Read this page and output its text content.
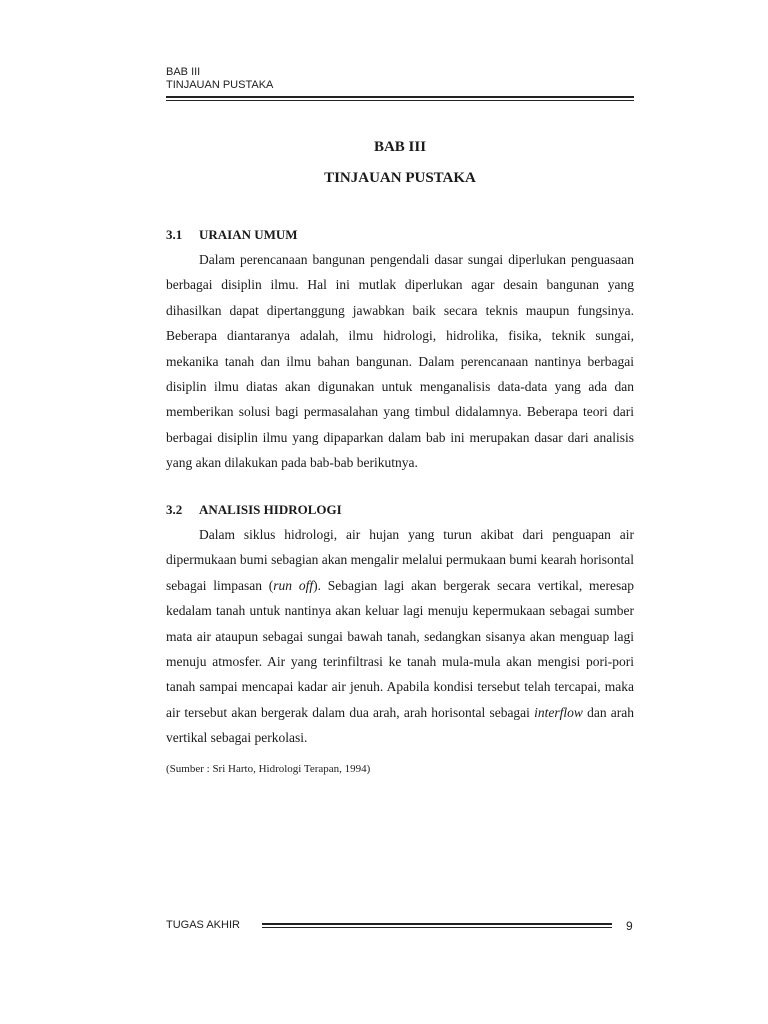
BAB III
TINJAUAN PUSTAKA
BAB III
TINJAUAN PUSTAKA
3.1 URAIAN UMUM

Dalam perencanaan bangunan pengendali dasar sungai diperlukan penguasaan berbagai disiplin ilmu. Hal ini mutlak diperlukan agar desain bangunan yang dihasilkan dapat dipertanggung jawabkan baik secara teknis maupun fungsinya. Beberapa diantaranya adalah, ilmu hidrologi, hidrolika, fisika, teknik sungai, mekanika tanah dan ilmu bahan bangunan. Dalam perencanaan nantinya berbagai disiplin ilmu diatas akan digunakan untuk menganalisis data-data yang ada dan memberikan solusi bagi permasalahan yang timbul didalamnya. Beberapa teori dari berbagai disiplin ilmu yang dipaparkan dalam bab ini merupakan dasar dari analisis yang akan dilakukan pada bab-bab berikutnya.

3.2 ANALISIS HIDROLOGI

Dalam siklus hidrologi, air hujan yang turun akibat dari penguapan air dipermukaan bumi sebagian akan mengalir melalui permukaan bumi kearah horisontal sebagai limpasan (run off). Sebagian lagi akan bergerak secara vertikal, meresap kedalam tanah untuk nantinya akan keluar lagi menuju kepermukaan sebagai sumber mata air ataupun sebagai sungai bawah tanah, sedangkan sisanya akan menguap lagi menuju atmosfer. Air yang terinfiltrasi ke tanah mula-mula akan mengisi pori-pori tanah sampai mencapai kadar air jenuh. Apabila kondisi tersebut telah tercapai, maka air tersebut akan bergerak dalam dua arah, arah horisontal sebagai interflow dan arah vertikal sebagai perkolasi.

(Sumber : Sri Harto, Hidrologi Terapan, 1994)
TUGAS AKHIR	9
